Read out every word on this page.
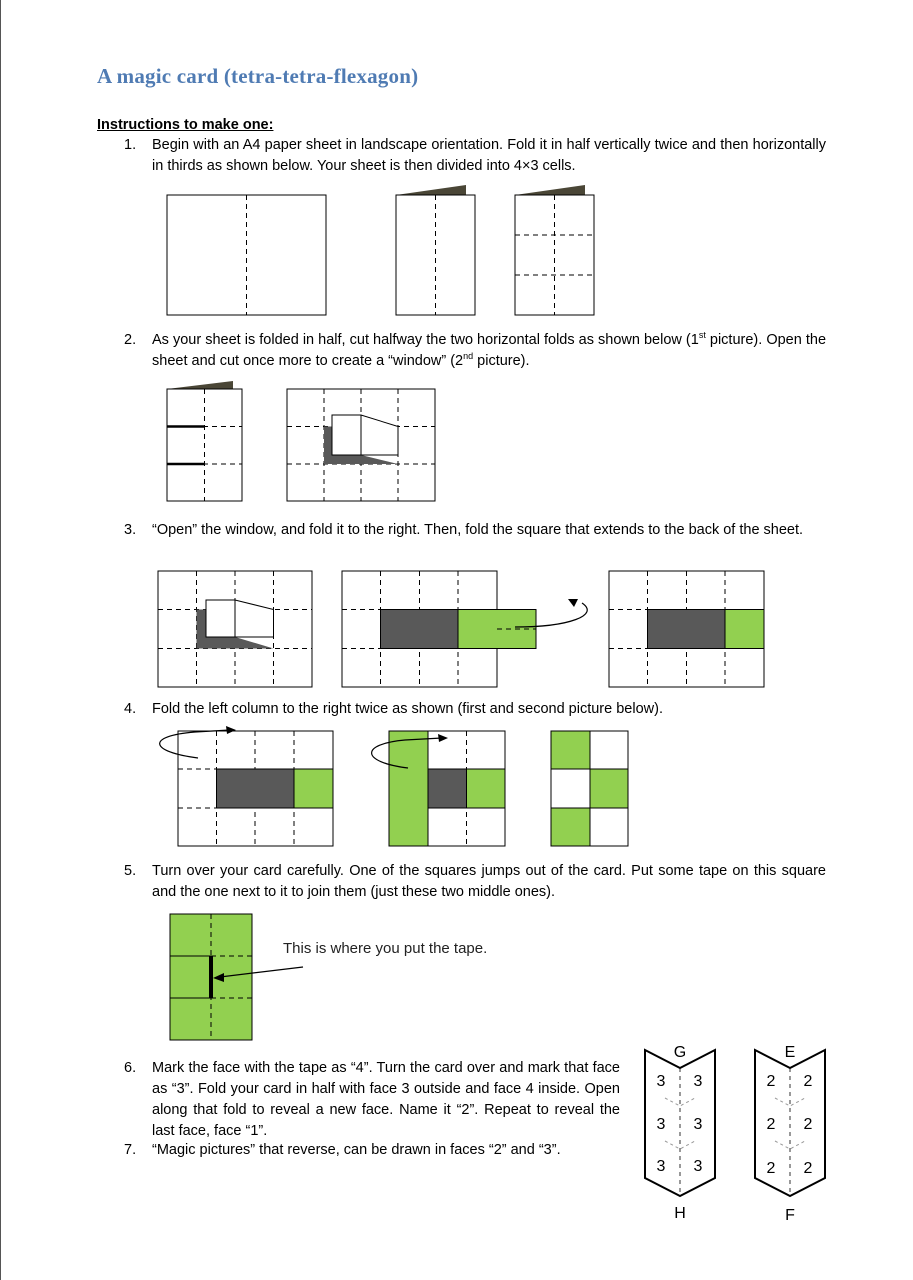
A magic card (tetra-tetra-flexagon)
Instructions to make one:
1. Begin with an A4 paper sheet in landscape orientation. Fold it in half vertically twice and then horizontally in thirds as shown below. Your sheet is then divided into 4×3 cells.
2. As your sheet is folded in half, cut halfway the two horizontal folds as shown below (1st picture). Open the sheet and cut once more to create a “window” (2nd picture).
3. “Open” the window, and fold it to the right. Then, fold the square that extends to the back of the sheet.
4. Fold the left column to the right twice as shown (first and second picture below).
5. Turn over your card carefully. One of the squares jumps out of the card. Put some tape on this square and the one next to it to join them (just these two middle ones).
This is where you put the tape.
6. Mark the face with the tape as “4”. Turn the card over and mark that face as “3”. Fold your card in half with face 3 outside and face 4 inside. Open along that fold to reveal a new face. Name it “2”. Repeat to reveal the last face, face “1”.
7. “Magic pictures” that reverse, can be drawn in faces “2” and “3”.
G
H
3 3
3 3
3 3
E
F
2 2
2 2
2 2
